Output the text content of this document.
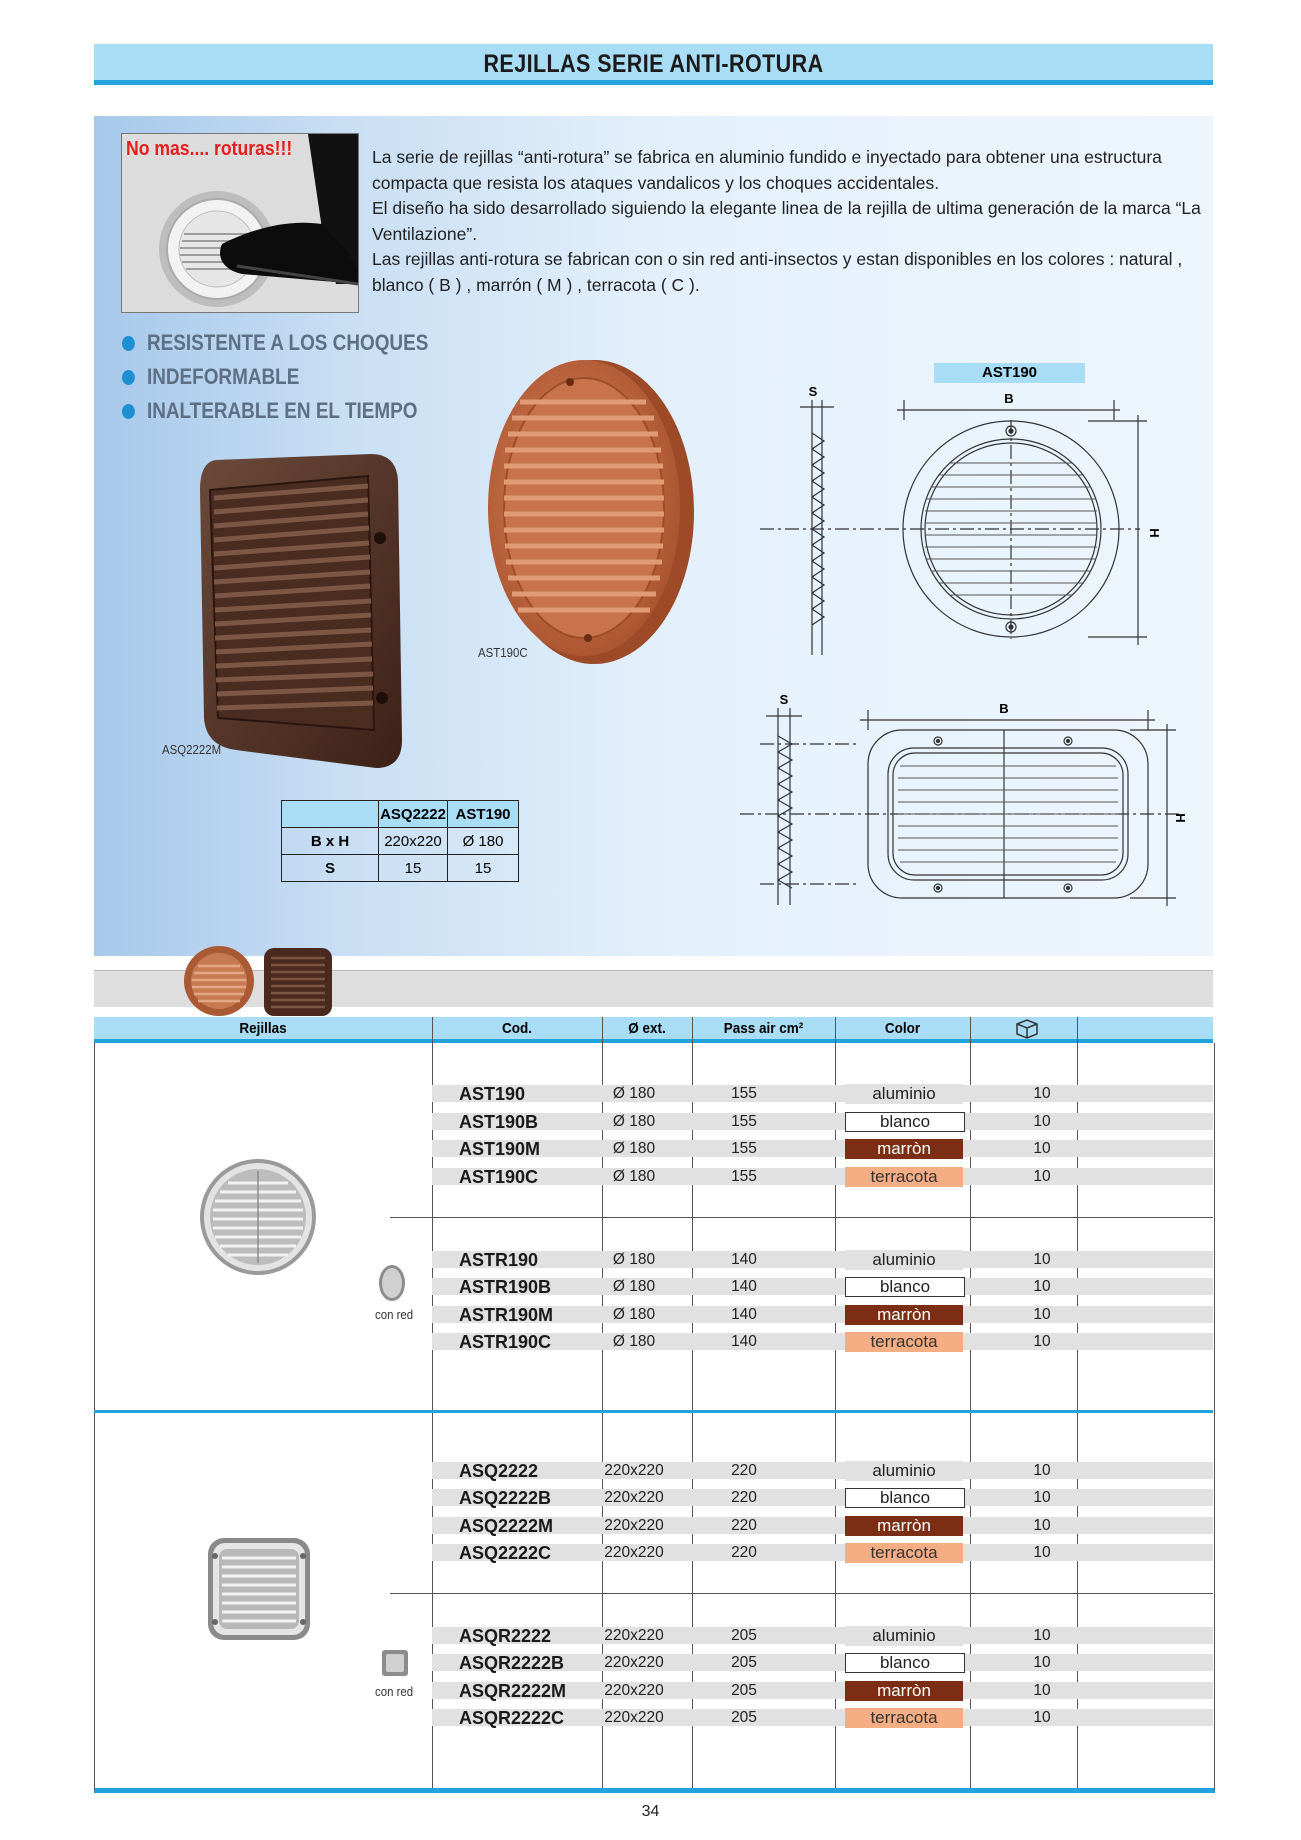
REJILLAS SERIE ANTI-ROTURA
No mas.... roturas!!!	La serie de rejillas “anti-rotura” se fabrica en aluminio fundido e inyectado para obtener una estructura compacta que resista los ataques vandalicos y los choques accidentales.

El diseño ha sido desarrollado siguiendo la elegante linea de la rejilla de ultima generación de la marca “La Ventilazione”.

Las rejillas anti-rotura se fabrican con o sin red anti-insectos y estan disponibles en los colores : natural , blanco ( B ) , marrón ( M ) , terracota ( C ).

RESISTENTE A LOS CHOQUES
INDEFORMABLE
INALTERABLE EN EL TIEMPO
ASQ2222M
AST190C
	ASQ2222	AST190
B x H	220x220	Ø 180
S	15	15
AST190
S	B
H
S
B
H
Rejillas	Cod.	Ø ext.	Pass air cm²	Color
con red
con red
AST190	Ø 180	155	aluminio	10
AST190B	Ø 180	155	blanco	10
AST190M	Ø 180	155	marròn	10
AST190C	Ø 180	155	terracota	10
ASTR190	Ø 180	140	aluminio	10
ASTR190B	Ø 180	140	blanco	10
ASTR190M	Ø 180	140	marròn	10
ASTR190C	Ø 180	140	terracota	10
ASQ2222	220x220	220	aluminio	10
ASQ2222B	220x220	220	blanco	10
ASQ2222M	220x220	220	marròn	10
ASQ2222C	220x220	220	terracota	10
ASQR2222	220x220	205	aluminio	10
ASQR2222B	220x220	205	blanco	10
ASQR2222M	220x220	205	marròn	10
ASQR2222C	220x220	205	terracota	10
34
